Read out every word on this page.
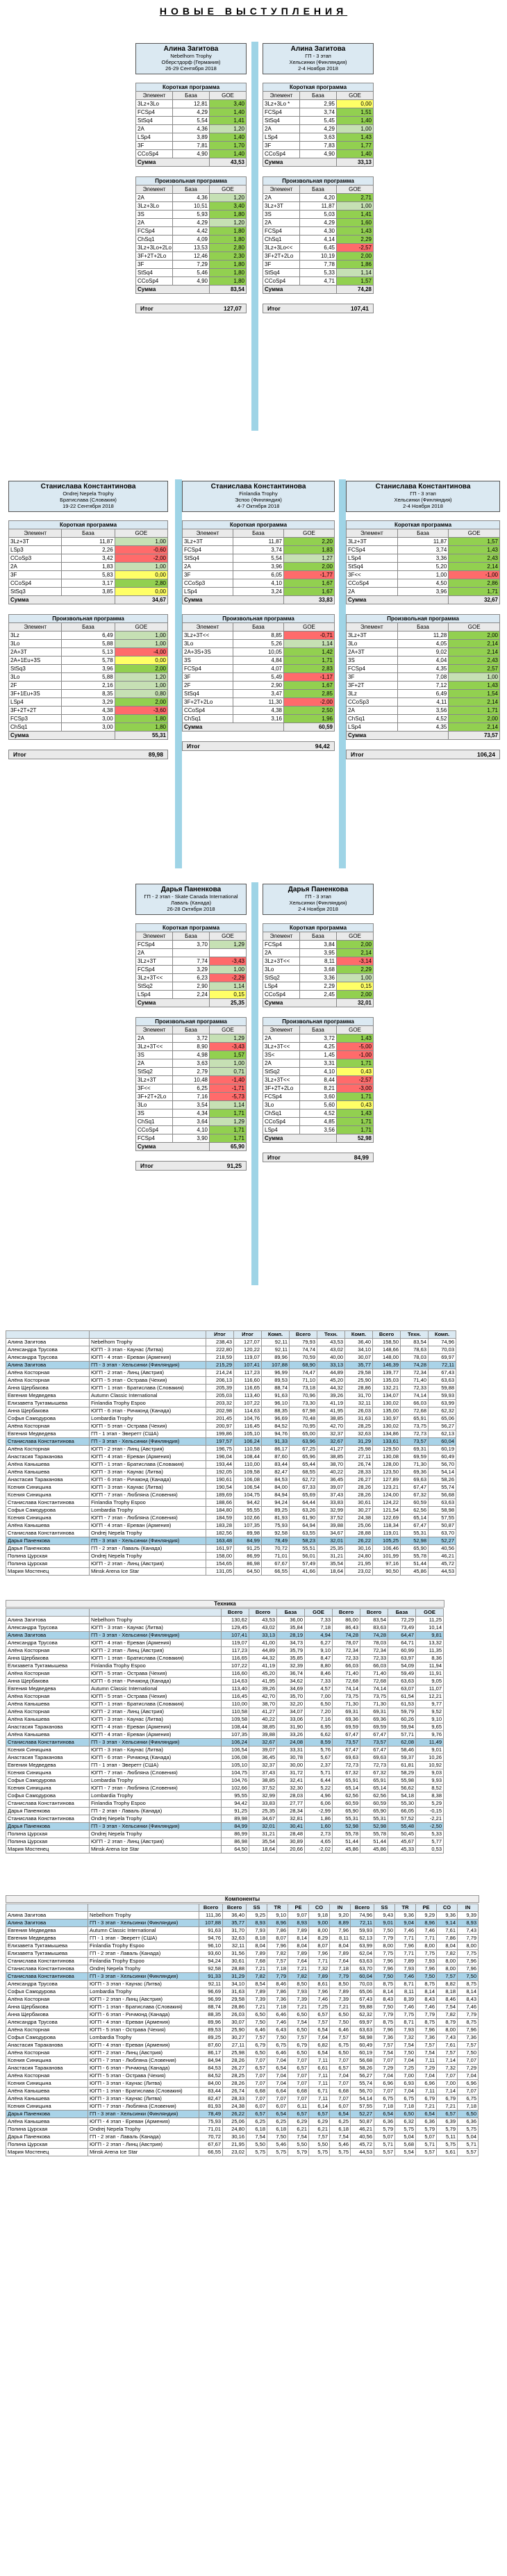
НОВЫЕ ВЫСТУПЛЕНИЯ
Алина Загитова
Nebelhorn Trophy
Оберстдорф (Германия)
26-29 Сентября 2018
Короткая программа		
Элемент	База	GOE
3Lz+3Lo	12,81	3,40
FCSp4	4,29	1,40
StSq4	5,54	1,41
2A	4,36	1,20
LSp4	3,89	1,40
3F	7,81	1,70
CCoSp4	4,90	1,40
Сумма		43,53
Произвольная программа		
Элемент	База	GOE
2A	4,36	1,20
3Lz+3Lo	10,51	3,40
3S	5,93	1,80
2A	4,29	1,20
FCSp4	4,42	1,80
ChSq1	4,09	1,80
3Lz+3Lo+2Lo	13,53	2,80
3F+2T+2Lo	12,46	2,30
3F	7,29	1,80
StSq4	5,46	1,80
CCoSp4	4,90	1,80
Сумма		83,54
Итог	127,07
Алина Загитова
ГП - 3 этап
Хельсинки (Финляндия)
2-4 Ноября 2018
Короткая программа		
Элемент	База	GOE
3Lz+3Lo *	2,95	0,00
FCSp4	3,74	1,51
StSq4	5,45	1,40
2A	4,29	1,00
LSp4	3,63	1,43
3F	7,83	1,77
CCoSp4	4,90	1,40
Сумма		33,13
Произвольная программа		
Элемент	База	GOE
2A	4,20	2,71
3Lz+3T	11,87	1,00
3S	5,03	1,41
2A	4,29	1,60
FCSp4	4,30	1,43
ChSq1	4,14	2,29
3Lz+3Lo<<	6,45	-2,57
3F+2T+2Lo	10,19	2,00
3F	7,78	1,86
StSq4	5,33	1,14
CCoSp4	4,71	1,57
Сумма		74,28
Итог	107,41
Станислава Константинова
Ondrej Nepela Trophy
Братислава (Словакия)
19-22 Сентября 2018
Короткая программа		
Элемент	База	GOE
3Lz+3T	11,87	1,00
LSp3	2,26	-0,60
CCoSp3	3,42	-2,00
2A	1,83	1,00
3F	5,83	0,00
CCoSp4	3,17	2,80
StSq3	3,85	0,00
Сумма		34,67
Произвольная программа		
Элемент	База	GOE
3Lz	6,49	1,00
3Lo	5,88	1,00
2A+3T	5,13	-4,00
2A+1Eu+3S	5,78	0,00
StSq3	3,96	2,00
3Lo	5,88	1,20
2F	2,16	1,00
3F+1Eu+3S	8,35	0,80
LSp4	3,29	2,00
3F+2T+2T	4,38	-3,60
FCSp3	3,00	1,80
ChSq1	3,00	1,80
Сумма		55,31
Итог	89,98
Станислава Константинова
Finlandia Trophy
Эспоо (Финляндия)
4-7 Октября 2018
Короткая программа		
Элемент	База	GOE
3Lz+3T	11,87	2,20
FCSp4	3,74	1,83
StSq4	5,54	1,27
2A	3,96	2,00
3F	6,05	-1,77
CCoSp3	4,10	1,67
LSp4	3,24	1,67
Сумма		33,83
Произвольная программа		
Элемент	База	GOE
3Lz+3T<<	8,85	-0,71
3Lo	5,26	1,14
2A+3S+3S	10,05	1,42
3S	4,84	1,71
FCSp4	4,07	2,83
3F	5,49	-1,17
2F	2,90	1,67
StSq4	3,47	2,85
3F+2T+2Lo	11,30	-2,00
CCoSp4	4,38	2,50
ChSq1	3,16	1,96
Сумма		60,59
Итог	94,42
Станислава Константинова
ГП - 3 этап
Хельсинки (Финляндия)
2-4 Ноября 2018
Короткая программа		
Элемент	База	GOE
3Lz+3T	11,87	1,57
FCSp4	3,74	1,43
LSp4	3,36	2,43
StSq4	5,20	2,14
3F<<	1,00	-1,00
CCoSp4	4,50	2,86
2A	3,96	1,71
Сумма		32,67
Произвольная программа		
Элемент	База	GOE
3Lz+3T	11,28	2,00
3Lo	4,05	2,14
2A+3T	9,02	2,14
3S	4,04	2,43
FCSp4	4,35	2,57
3F	7,08	1,00
3F+2T	7,12	1,43
3Lz	6,49	1,54
CCoSp3	4,11	2,14
2A	3,56	1,71
ChSq1	4,52	2,00
LSp4	4,35	2,14
Сумма		73,57
Итог	106,24
Дарья Паненкова
ГП - 2 этап - Skate Canada International
Лаваль (Канада)
26-28 Октября 2018
Короткая программа		
Элемент	База	GOE
FCSp4	3,70	1,29
2A		
3Lz+3T	7,74	-3,43
FCSp4	3,29	1,00
3Lz+3T<<	6,23	-2,29
StSq2	2,90	1,14
LSp4	2,24	0,15
Сумма		25,35
Произвольная программа		
Элемент	База	GOE
2A	3,72	1,29
3Lz+3T<<	8,90	-3,43
3S	4,98	1,57
2A	3,63	1,00
StSq2	2,79	0,71
3Lz+3T	10,48	-1,40
3F<<	6,25	-1,71
3F+2T+2Lo	7,16	-5,73
3Lo	3,54	1,14
3S	4,34	1,71
ChSq1	3,64	1,29
CCoSp4	4,10	1,71
FCSp4	3,90	1,71
Сумма		65,90
Итог	91,25
Дарья Паненкова
ГП - 3 этап
Хельсинки (Финляндия)
2-4 Ноября 2018
Короткая программа		
Элемент	База	GOE
FCSp4	3,84	2,00
2A	3,95	2,14
3Lz+3T<<	8,11	-3,14
3Lo	3,68	2,29
StSq2	3,36	1,00
LSp4	2,29	0,15
CCoSp4	2,45	2,00
Сумма		32,01
Произвольная программа		
Элемент	База	GOE
2A	3,72	1,43
3Lz+3T<<	4,25	-5,00
3S<	1,45	-1,00
2A	3,31	1,71
StSq2	4,10	0,43
3Lz+3T<<	8,44	-2,57
3F+2T+2Lo	8,21	-3,00
FCSp4	3,60	1,71
3Lo	5,60	0,43
ChSq1	4,52	1,43
CCoSp4	4,85	1,71
LSp4	3,56	1,71
Сумма		52,98
Итог	84,99
		Итог	Итог	Комп.	Всего	Техн.	Комп.	Всего	Техн.	Комп.
Алина Загитова	Nebelhorn Trophy	238,43	127,07	92,11	79,93	43,53	36,40	158,50	83,54	74,96
Александра Трусова	ЮГП - 3 этап - Каунас (Литва)	222,80	120,22	92,11	74,74	43,02	34,10	148,66	78,63	70,03
Александра Трусова	ЮГП - 4 этап - Ереван (Армения)	218,59	119,07	89,96	70,59	40,00	30,07	148,00	78,03	69,97
Алина Загитова	ГП - 3 этап - Хельсинки (Финляндия)	215,29	107,41	107,88	68,90	33,13	35,77	146,39	74,28	72,11
Алёна Косторная	ЮГП - 2 этап - Линц (Австрия)	214,24	117,23	96,99	74,47	44,89	29,58	139,77	72,34	67,43
Алёна Косторная	ЮГП - 5 этап - Острава (Чехия)	206,13	116,60	89,53	71,10	45,20	25,90	135,03	71,40	63,63
Анна Щербакова	ЮГП - 1 этап - Братислава (Словакия)	205,39	116,65	88,74	73,18	44,32	28,86	132,21	72,33	59,88
Евгения Медведева	Autumn Classic International	205,03	113,40	91,63	70,96	39,26	31,70	134,07	74,14	59,93
Елизавета Туктамышева	Finlandia Trophy Espoo	203,32	107,22	96,10	73,30	41,19	32,11	130,02	66,03	63,99
Анна Щербакова	ЮГП - 6 этап - Ричмонд (Канада)	202,98	114,63	88,35	67,98	41,95	26,03	135,00	72,68	62,32
Софья Самодурова	Lombardia Trophy	201,45	104,76	96,69	70,48	38,85	31,63	130,97	65,91	65,06
Алёна Косторная	ЮГП - 5 этап - Острава (Чехия)	200,97	116,45	84,52	70,95	42,70	28,25	130,02	73,75	56,27
Евгения Медведева	ГП - 1 этап - Эверетт (США)	199,86	105,10	94,76	65,00	32,37	32,63	134,86	72,73	62,13
Станислава Константинова	ГП - 3 этап - Хельсинки (Финляндия)	197,57	106,24	91,33	63,96	32,67	31,29	133,61	73,57	60,04
Алёна Косторная	ЮГП - 2 этап - Линц (Австрия)	196,75	110,58	86,17	67,25	41,27	25,98	129,50	69,31	60,19
Анастасия Тараканова	ЮГП - 4 этап - Ереван (Армения)	196,04	108,44	87,60	65,96	38,85	27,11	130,08	69,59	60,49
Алёна Канышева	ЮГП - 1 этап - Братислава (Словакия)	193,44	110,00	83,44	65,44	38,70	26,74	128,00	71,30	56,70
Алёна Канышева	ЮГП - 3 этап - Каунас (Литва)	192,05	109,58	82,47	68,55	40,22	28,33	123,50	69,36	54,14
Анастасия Тараканова	ЮГП - 6 этап - Ричмонд (Канада)	190,61	106,08	84,53	62,72	36,45	26,27	127,89	69,63	58,26
Ксения Синицына	ЮГП - 3 этап - Каунас (Литва)	190,54	106,54	84,00	67,33	39,07	28,26	123,21	67,47	55,74
Ксения Синицына	ЮГП - 7 этап - Любляна (Словения)	189,69	104,75	84,94	65,69	37,43	28,26	124,00	67,32	56,68
Станислава Константинова	Finlandia Trophy Espoo	188,66	94,42	94,24	64,44	33,83	30,61	124,22	60,59	63,63
Софья Самодурова	Lombardia Trophy	184,80	95,55	89,25	63,26	32,99	30,27	121,54	62,56	58,98
Ксения Синицына	ЮГП - 7 этап - Любляна (Словения)	184,59	102,66	81,93	61,90	37,52	24,38	122,69	65,14	57,55
Алёна Канышева	ЮГП - 4 этап - Ереван (Армения)	183,28	107,35	75,93	64,94	39,88	25,06	118,34	67,47	50,87
Станислава Константинова	Ondrej Nepela Trophy	182,56	89,98	92,58	63,55	34,67	28,88	119,01	55,31	63,70
Дарья Паненкова	ГП - 3 этап - Хельсинки (Финляндия)	163,48	84,99	78,49	58,23	32,01	26,22	105,25	52,98	52,27
Дарья Паненкова	ГП - 2 этап - Лаваль (Канада)	161,97	91,25	70,72	55,51	25,35	30,16	106,46	65,90	40,56
Полина Цурская	Ondrej Nepela Trophy	158,00	86,99	71,01	56,01	31,21	24,80	101,99	55,78	46,21
Полина Цурская	ЮГП - 2 этап - Линц (Австрия)	154,65	86,98	67,67	57,49	35,54	21,95	97,16	51,44	45,72
Мария Мостенец	Minsk Arena Ice Star	131,05	64,50	66,55	41,66	18,64	23,02	90,50	45,86	44,53
Техника
		Всего	Всего	База	GOE	Всего	Всего	База	GOE
Алина Загитова	Nebelhorn Trophy	130,62	43,53	36,00	7,33	86,00	83,54	72,29	11,25
Александра Трусова	ЮГП - 3 этап - Каунас (Литва)	129,45	43,02	35,84	7,18	86,43	83,63	73,49	10,14
Алина Загитова	ГП - 3 этап - Хельсинки (Финляндия)	107,41	33,13	28,19	4,94	74,28	74,28	64,47	9,81
Александра Трусова	ЮГП - 4 этап - Ереван (Армения)	119,07	41,00	34,73	6,27	78,07	78,03	64,71	13,32
Алёна Косторная	ЮГП - 2 этап - Линц (Австрия)	117,23	44,89	35,79	9,10	72,34	72,34	60,99	11,35
Анна Щербакова	ЮГП - 1 этап - Братислава (Словакия)	116,65	44,32	35,85	8,47	72,33	72,33	63,97	8,36
Елизавета Туктамышева	Finlandia Trophy Espoo	107,22	41,19	32,39	8,80	66,03	66,03	54,09	11,94
Алёна Косторная	ЮГП - 5 этап - Острава (Чехия)	116,60	45,20	36,74	8,46	71,40	71,40	59,49	11,91
Анна Щербакова	ЮГП - 6 этап - Ричмонд (Канада)	114,63	41,95	34,62	7,33	72,68	72,68	63,63	9,05
Евгения Медведева	Autumn Classic International	113,40	39,26	34,69	4,57	74,14	74,14	63,07	11,07
Алёна Косторная	ЮГП - 5 этап - Острава (Чехия)	116,45	42,70	35,70	7,00	73,75	73,75	61,54	12,21
Алёна Канышева	ЮГП - 1 этап - Братислава (Словакия)	110,00	38,70	32,20	6,50	71,30	71,30	61,53	9,77
Алёна Косторная	ЮГП - 2 этап - Линц (Австрия)	110,58	41,27	34,07	7,20	69,31	69,31	59,79	9,52
Алёна Канышева	ЮГП - 3 этап - Каунас (Литва)	109,58	40,22	33,06	7,16	69,36	69,36	60,26	9,10
Анастасия Тараканова	ЮГП - 4 этап - Ереван (Армения)	108,44	38,85	31,90	6,95	69,59	69,59	59,94	9,65
Алёна Канышева	ЮГП - 4 этап - Ереван (Армения)	107,35	39,88	33,26	6,62	67,47	67,47	57,71	9,76
Станислава Константинова	ГП - 3 этап - Хельсинки (Финляндия)	106,24	32,67	24,08	8,59	73,57	73,57	62,08	11,49
Ксения Синицына	ЮГП - 3 этап - Каунас (Литва)	106,54	39,07	33,31	5,76	67,47	67,47	58,46	9,01
Анастасия Тараканова	ЮГП - 6 этап - Ричмонд (Канада)	106,08	36,45	30,78	5,67	69,63	69,63	59,37	10,26
Евгения Медведева	ГП - 1 этап - Эверетт (США)	105,10	32,37	30,00	2,37	72,73	72,73	61,81	10,92
Ксения Синицына	ЮГП - 7 этап - Любляна (Словения)	104,75	37,43	31,72	5,71	67,32	67,32	58,29	9,03
Софья Самодурова	Lombardia Trophy	104,76	38,85	32,41	6,44	65,91	65,91	55,98	9,93
Ксения Синицына	ЮГП - 7 этап - Любляна (Словения)	102,66	37,52	32,30	5,22	65,14	65,14	56,62	8,52
Софья Самодурова	Lombardia Trophy	95,55	32,99	28,03	4,96	62,56	62,56	54,18	8,38
Станислава Константинова	Finlandia Trophy Espoo	94,42	33,83	27,77	6,06	60,59	60,59	55,30	5,29
Дарья Паненкова	ГП - 2 этап - Лаваль (Канада)	91,25	25,35	28,34	-2,99	65,90	65,90	66,05	-0,15
Станислава Константинова	Ondrej Nepela Trophy	89,98	34,67	32,81	1,86	55,31	55,31	57,52	-2,21
Дарья Паненкова	ГП - 3 этап - Хельсинки (Финляндия)	84,99	32,01	30,41	1,60	52,98	52,98	55,48	-2,50
Полина Цурская	Ondrej Nepela Trophy	86,99	31,21	28,48	2,73	55,78	55,78	50,45	5,33
Полина Цурская	ЮГП - 2 этап - Линц (Австрия)	86,98	35,54	30,89	4,65	51,44	51,44	45,67	5,77
Мария Мостенец	Minsk Arena Ice Star	64,50	18,64	20,66	-2,02	45,86	45,86	45,33	0,53
Компоненты
		Всего	Всего	SS	TR	PE	CO	IN	Всего	SS	TR	PE	CO	IN
Алина Загитова	Nebelhorn Trophy	111,36	36,40	9,25	9,10	9,07	9,18	9,20	74,96	9,43	9,36	9,29	9,36	9,39
Алина Загитова	ГП - 3 этап - Хельсинки (Финляндия)	107,88	35,77	8,93	8,96	8,93	9,00	8,89	72,11	9,01	9,04	8,96	9,14	8,93
Евгения Медведева	Autumn Classic International	91,63	31,70	7,93	7,86	7,89	8,00	7,96	59,93	7,50	7,46	7,46	7,61	7,43
Евгения Медведева	ГП - 1 этап - Эверетт (США)	94,76	32,63	8,18	8,07	8,14	8,29	8,11	62,13	7,79	7,71	7,71	7,86	7,79
Елизавета Туктамышева	Finlandia Trophy Espoo	96,10	32,11	8,04	7,96	8,04	8,07	8,04	63,99	8,00	7,96	8,00	8,04	8,00
Елизавета Туктамышева	ГП - 2 этап - Лаваль (Канада)	93,60	31,56	7,89	7,82	7,89	7,96	7,89	62,04	7,75	7,71	7,75	7,82	7,75
Станислава Константинова	Finlandia Trophy Espoo	94,24	30,61	7,68	7,57	7,64	7,71	7,64	63,63	7,96	7,89	7,93	8,00	7,96
Станислава Константинова	Ondrej Nepela Trophy	92,58	28,88	7,21	7,18	7,21	7,32	7,18	63,70	7,96	7,93	7,96	8,00	7,96
Станислава Константинова	ГП - 3 этап - Хельсинки (Финляндия)	91,33	31,29	7,82	7,79	7,82	7,89	7,79	60,04	7,50	7,46	7,50	7,57	7,50
Александра Трусова	ЮГП - 3 этап - Каунас (Литва)	92,11	34,10	8,54	8,46	8,50	8,61	8,50	70,03	8,75	8,71	8,75	8,82	8,75
Софья Самодурова	Lombardia Trophy	96,69	31,63	7,89	7,86	7,93	7,96	7,89	65,06	8,14	8,11	8,14	8,18	8,14
Алёна Косторная	ЮГП - 2 этап - Линц (Австрия)	96,99	29,58	7,39	7,36	7,39	7,46	7,39	67,43	8,43	8,39	8,43	8,46	8,43
Анна Щербакова	ЮГП - 1 этап - Братислава (Словакия)	88,74	28,86	7,21	7,18	7,21	7,25	7,21	59,88	7,50	7,46	7,46	7,54	7,46
Анна Щербакова	ЮГП - 6 этап - Ричмонд (Канада)	88,35	26,03	6,50	6,46	6,50	6,57	6,50	62,32	7,79	7,75	7,79	7,82	7,79
Александра Трусова	ЮГП - 4 этап - Ереван (Армения)	89,96	30,07	7,50	7,46	7,54	7,57	7,50	69,97	8,75	8,71	8,75	8,79	8,75
Алёна Косторная	ЮГП - 5 этап - Острава (Чехия)	89,53	25,90	6,46	6,43	6,50	6,54	6,46	63,63	7,96	7,93	7,96	8,00	7,96
Софья Самодурова	Lombardia Trophy	89,25	30,27	7,57	7,50	7,57	7,64	7,57	58,98	7,36	7,32	7,36	7,43	7,36
Анастасия Тараканова	ЮГП - 4 этап - Ереван (Армения)	87,60	27,11	6,79	6,75	6,79	6,82	6,75	60,49	7,57	7,54	7,57	7,61	7,57
Алёна Косторная	ЮГП - 2 этап - Линц (Австрия)	86,17	25,98	6,50	6,46	6,50	6,54	6,50	60,19	7,54	7,50	7,54	7,57	7,50
Ксения Синицына	ЮГП - 7 этап - Любляна (Словения)	84,94	28,26	7,07	7,04	7,07	7,11	7,07	56,68	7,07	7,04	7,11	7,14	7,07
Анастасия Тараканова	ЮГП - 6 этап - Ричмонд (Канада)	84,53	26,27	6,57	6,54	6,57	6,61	6,57	58,26	7,29	7,25	7,29	7,32	7,29
Алёна Косторная	ЮГП - 5 этап - Острава (Чехия)	84,52	28,25	7,07	7,04	7,07	7,11	7,04	56,27	7,04	7,00	7,04	7,07	7,04
Ксения Синицына	ЮГП - 3 этап - Каунас (Литва)	84,00	28,26	7,07	7,04	7,07	7,11	7,07	55,74	6,96	6,93	6,96	7,00	6,96
Алёна Канышева	ЮГП - 1 этап - Братислава (Словакия)	83,44	26,74	6,68	6,64	6,68	6,71	6,68	56,70	7,07	7,04	7,11	7,14	7,07
Алёна Канышева	ЮГП - 3 этап - Каунас (Литва)	82,47	28,33	7,07	7,07	7,07	7,11	7,07	54,14	6,75	6,75	6,79	6,79	6,75
Ксения Синицына	ЮГП - 7 этап - Любляна (Словения)	81,93	24,38	6,07	6,07	6,11	6,14	6,07	57,55	7,18	7,18	7,21	7,21	7,18
Дарья Паненкова	ГП - 3 этап - Хельсинки (Финляндия)	78,49	26,22	6,57	6,54	6,57	6,57	6,54	52,27	6,54	6,50	6,54	6,57	6,50
Алёна Канышева	ЮГП - 4 этап - Ереван (Армения)	75,93	25,06	6,25	6,25	6,29	6,29	6,25	50,87	6,36	6,32	6,36	6,39	6,36
Полина Цурская	Ondrej Nepela Trophy	71,01	24,80	6,18	6,18	6,21	6,21	6,18	46,21	5,79	5,75	5,79	5,79	5,75
Дарья Паненкова	ГП - 2 этап - Лаваль (Канада)	70,72	30,16	7,54	7,50	7,54	7,57	7,54	40,56	5,07	5,04	5,07	5,11	5,04
Полина Цурская	ЮГП - 2 этап - Линц (Австрия)	67,67	21,95	5,50	5,46	5,50	5,50	5,46	45,72	5,71	5,68	5,71	5,75	5,71
Мария Мостенец	Minsk Arena Ice Star	66,55	23,02	5,75	5,75	5,79	5,75	5,75	44,53	5,57	5,54	5,57	5,61	5,57
